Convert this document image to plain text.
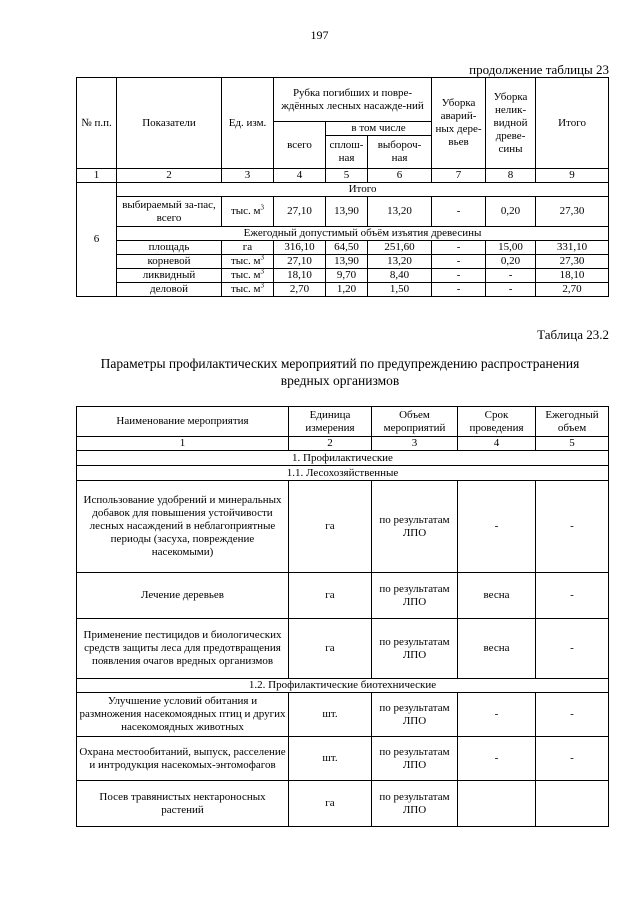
197
продолжение таблицы 23
№ п.п.	Показатели	Ед. изм.	Рубка погибших и повре-ждённых лесных насажде-ний			Уборка аварий-ных дере-вьев	Уборка нелик-видной древе-сины	Итого
			всего	в том числе				
				сплош-ная	выбороч-ная			
1	2	3	4	5	6	7	8	9
6	Итого							
	выбираемый за-пас, всего	тыс. $м^3$	27,10	13,90	13,20	-	0,20	27,30
	Ежегодный допустимый объём изъятия древесины							
	площадь	га	316,10	64,50	251,60	-	15,00	331,10
	корневой	тыс. $м^3$	27,10	13,90	13,20	-	0,20	27,30
	ликвидный	тыс. $м^3$	18,10	9,70	8,40	-	-	18,10
	деловой	тыс. $м^3$	2,70	1,20	1,50	-	-	2,70
Таблица 23.2
Параметры профилактических мероприятий по предупреждению распространения вредных организмов
Наименование мероприятия	Единица измерения	Объем мероприятий	Срок проведения	Ежегодный объем
1	2	3	4	5
1. Профилактические				
1.1. Лесохозяйственные				
Использование удобрений и минеральных добавок для повышения устойчивости лесных насаждений в неблагоприятные периоды (засуха, повреждение насекомыми)	га	по результатам ЛПО	-	-
Лечение деревьев	га	по результатам ЛПО	весна	-
Применение пестицидов и биологических средств защиты леса для предотвращения появления очагов вредных организмов	га	по результатам ЛПО	весна	-
1.2. Профилактические биотехнические				
Улучшение условий обитания и размножения насекомоядных птиц и других насекомоядных животных	шт.	по результатам ЛПО	-	-
Охрана местообитаний, выпуск, расселение и интродукция насекомых-энтомофагов	шт.	по результатам ЛПО	-	-
Посев травянистых нектароносных растений	га	по результатам ЛПО		
